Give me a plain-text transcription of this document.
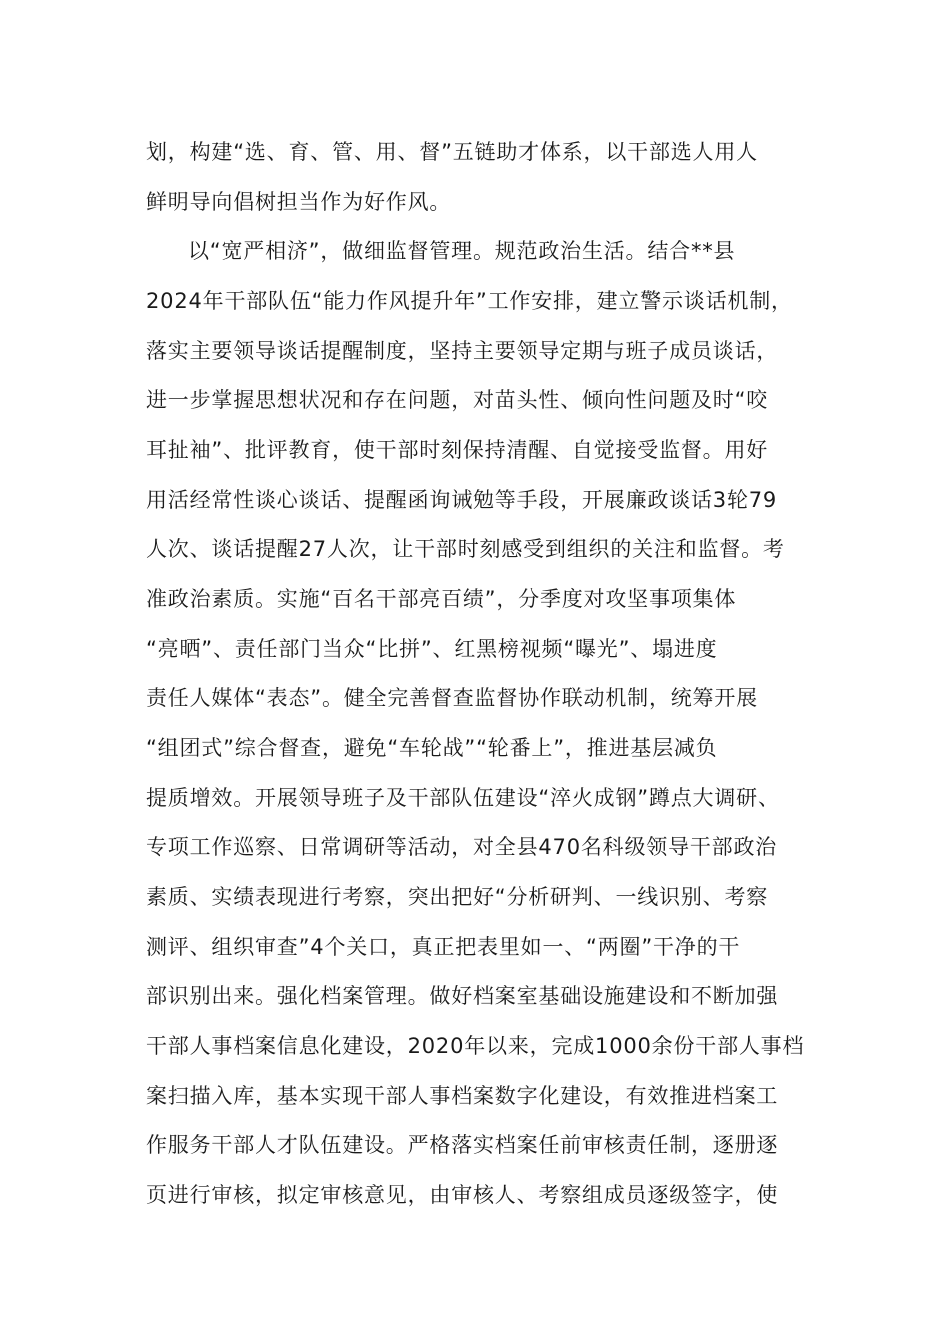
划，构建“选、育、管、用、督”五链助才体系，以干部选人用人
鲜明导向倡树担当作为好作风。
以“宽严相济”，做细监督管理。规范政治生活。结合**县
2024年干部队伍“能力作风提升年”工作安排，建立警示谈话机制，
落实主要领导谈话提醒制度，坚持主要领导定期与班子成员谈话，
进一步掌握思想状况和存在问题，对苗头性、倾向性问题及时“咬
耳扯袖”、批评教育，使干部时刻保持清醒、自觉接受监督。用好
用活经常性谈心谈话、提醒函询诫勉等手段，开展廉政谈话3轮79
人次、谈话提醒27人次，让干部时刻感受到组织的关注和监督。考
准政治素质。实施“百名干部亮百绩”，分季度对攻坚事项集体
“亮晒”、责任部门当众“比拼”、红黑榜视频“曝光”、塌进度
责任人媒体“表态”。健全完善督查监督协作联动机制，统筹开展
“组团式”综合督查，避免“车轮战”“轮番上”，推进基层减负
提质增效。开展领导班子及干部队伍建设“淬火成钢”蹲点大调研、
专项工作巡察、日常调研等活动，对全县470名科级领导干部政治
素质、实绩表现进行考察，突出把好“分析研判、一线识别、考察
测评、组织审查”4个关口，真正把表里如一、“两圈”干净的干
部识别出来。强化档案管理。做好档案室基础设施建设和不断加强
干部人事档案信息化建设，2020年以来，完成1000余份干部人事档
案扫描入库，基本实现干部人事档案数字化建设，有效推进档案工
作服务干部人才队伍建设。严格落实档案任前审核责任制，逐册逐
页进行审核，拟定审核意见，由审核人、考察组成员逐级签字，使
